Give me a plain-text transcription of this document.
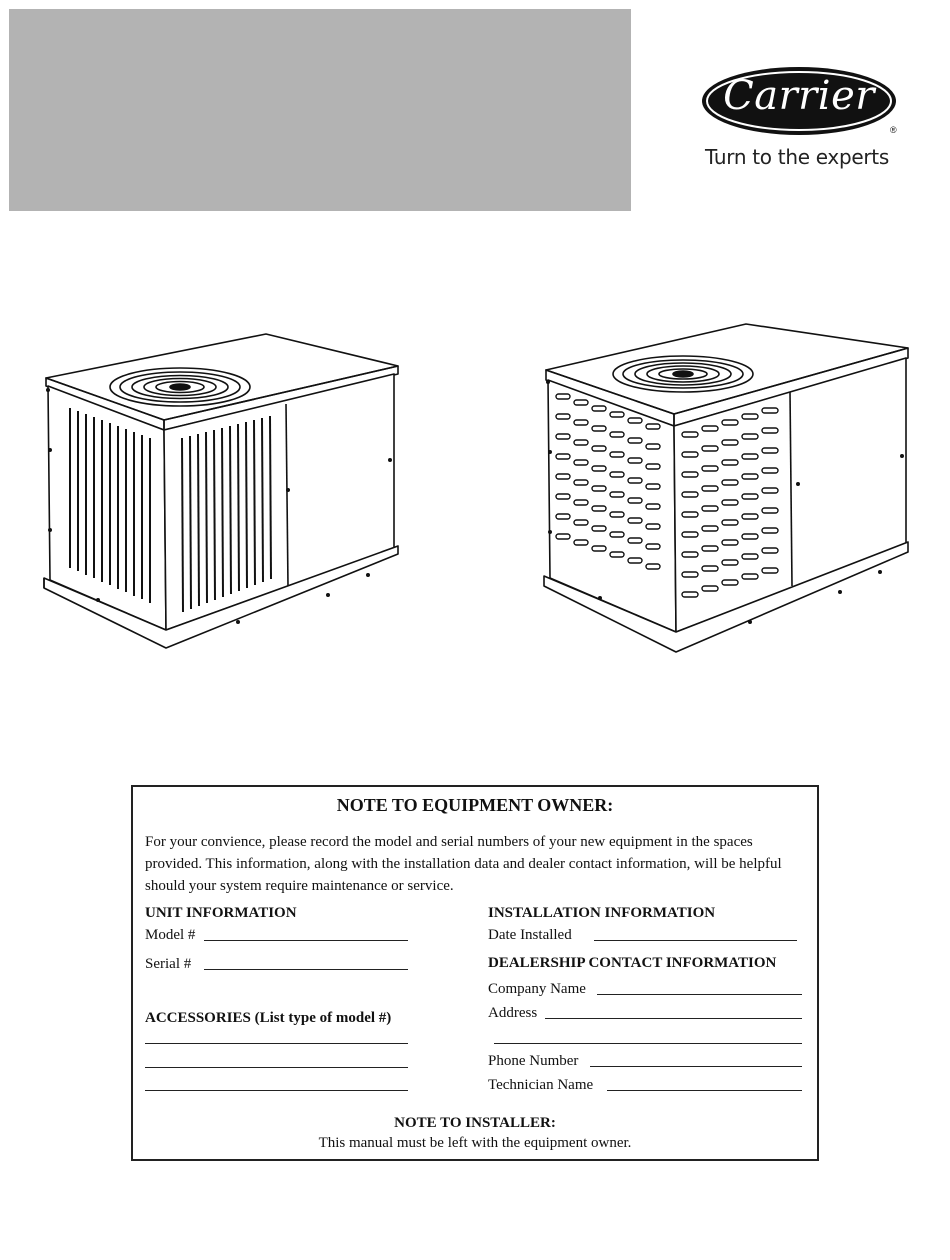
Carrier
®
Turn to the experts
NOTE TO EQUIPMENT OWNER:
For your convience, please record the model and serial numbers of your new equipment in the spaces provided. This information, along with the installation data and dealer contact information, will be helpful should your system require maintenance or service.
UNIT INFORMATION
Model #
Serial #
ACCESSORIES (List type of model #)
INSTALLATION INFORMATION
Date Installed
DEALERSHIP CONTACT INFORMATION
Company Name
Address
Phone Number
Technician Name
NOTE TO INSTALLER:
This manual must be left with the equipment owner.
